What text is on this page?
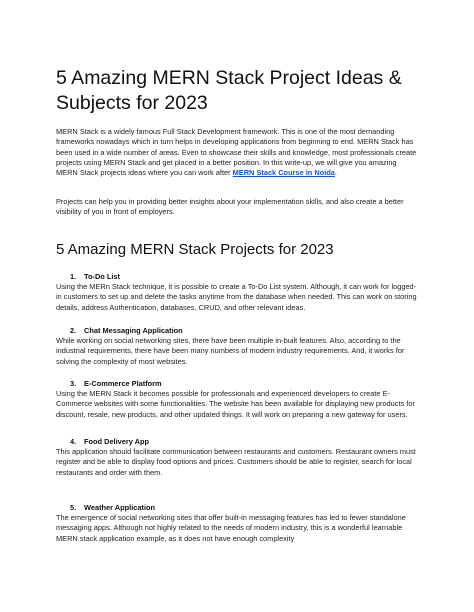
5 Amazing MERN Stack Project Ideas & Subjects for 2023

MERN Stack is a widely famous Full Stack Development framework. This is one of the most demanding frameworks nowadays which in turn helps in developing applications from beginning to end. MERN Stack has been used in a wide number of areas. Even to showcase their skills and knowledge, most professionals create projects using MERN Stack and get placed in a better position. In this write-up, we will give you amazing MERN Stack projects ideas where you can work after MERN Stack Course in Noida.

Projects can help you in providing better insights about your implementation skills, and also create a better visibility of you in front of employers.

5 Amazing MERN Stack Projects for 2023

1. To-Do List

Using the MERn Stack technique, it is possible to create a To-Do List system. Although, it can work for logged-in customers to set up and delete the tasks anytime from the database when needed. This can work on storing details, address Authentication, databases, CRUD, and other relevant ideas.

2. Chat Messaging Application

While working on social networking sites, there have been multiple in-built features. Also, according to the industrial requirements, there have been many numbers of modern industry requirements. And, it works for solving the complexity of most websites.

3. E-Commerce Platform

Using the MERN Stack it becomes possible for professionals and experienced developers to create E-Commerce websites with some functionalities. The website has been available for displaying new products for discount, resale, new products, and other updated things. It will work on preparing a new gateway for users.

4. Food Delivery App

This application should facilitate communication between restaurants and customers. Restaurant owners must register and be able to display food options and prices. Customers should be able to register, search for local restaurants and order with them.

5. Weather Application

The emergence of social networking sites that offer built-in messaging features has led to fewer standalone messaging apps. Although not highly related to the needs of modern industry, this is a wonderful learnable MERN stack application example, as it does not have enough complexity
